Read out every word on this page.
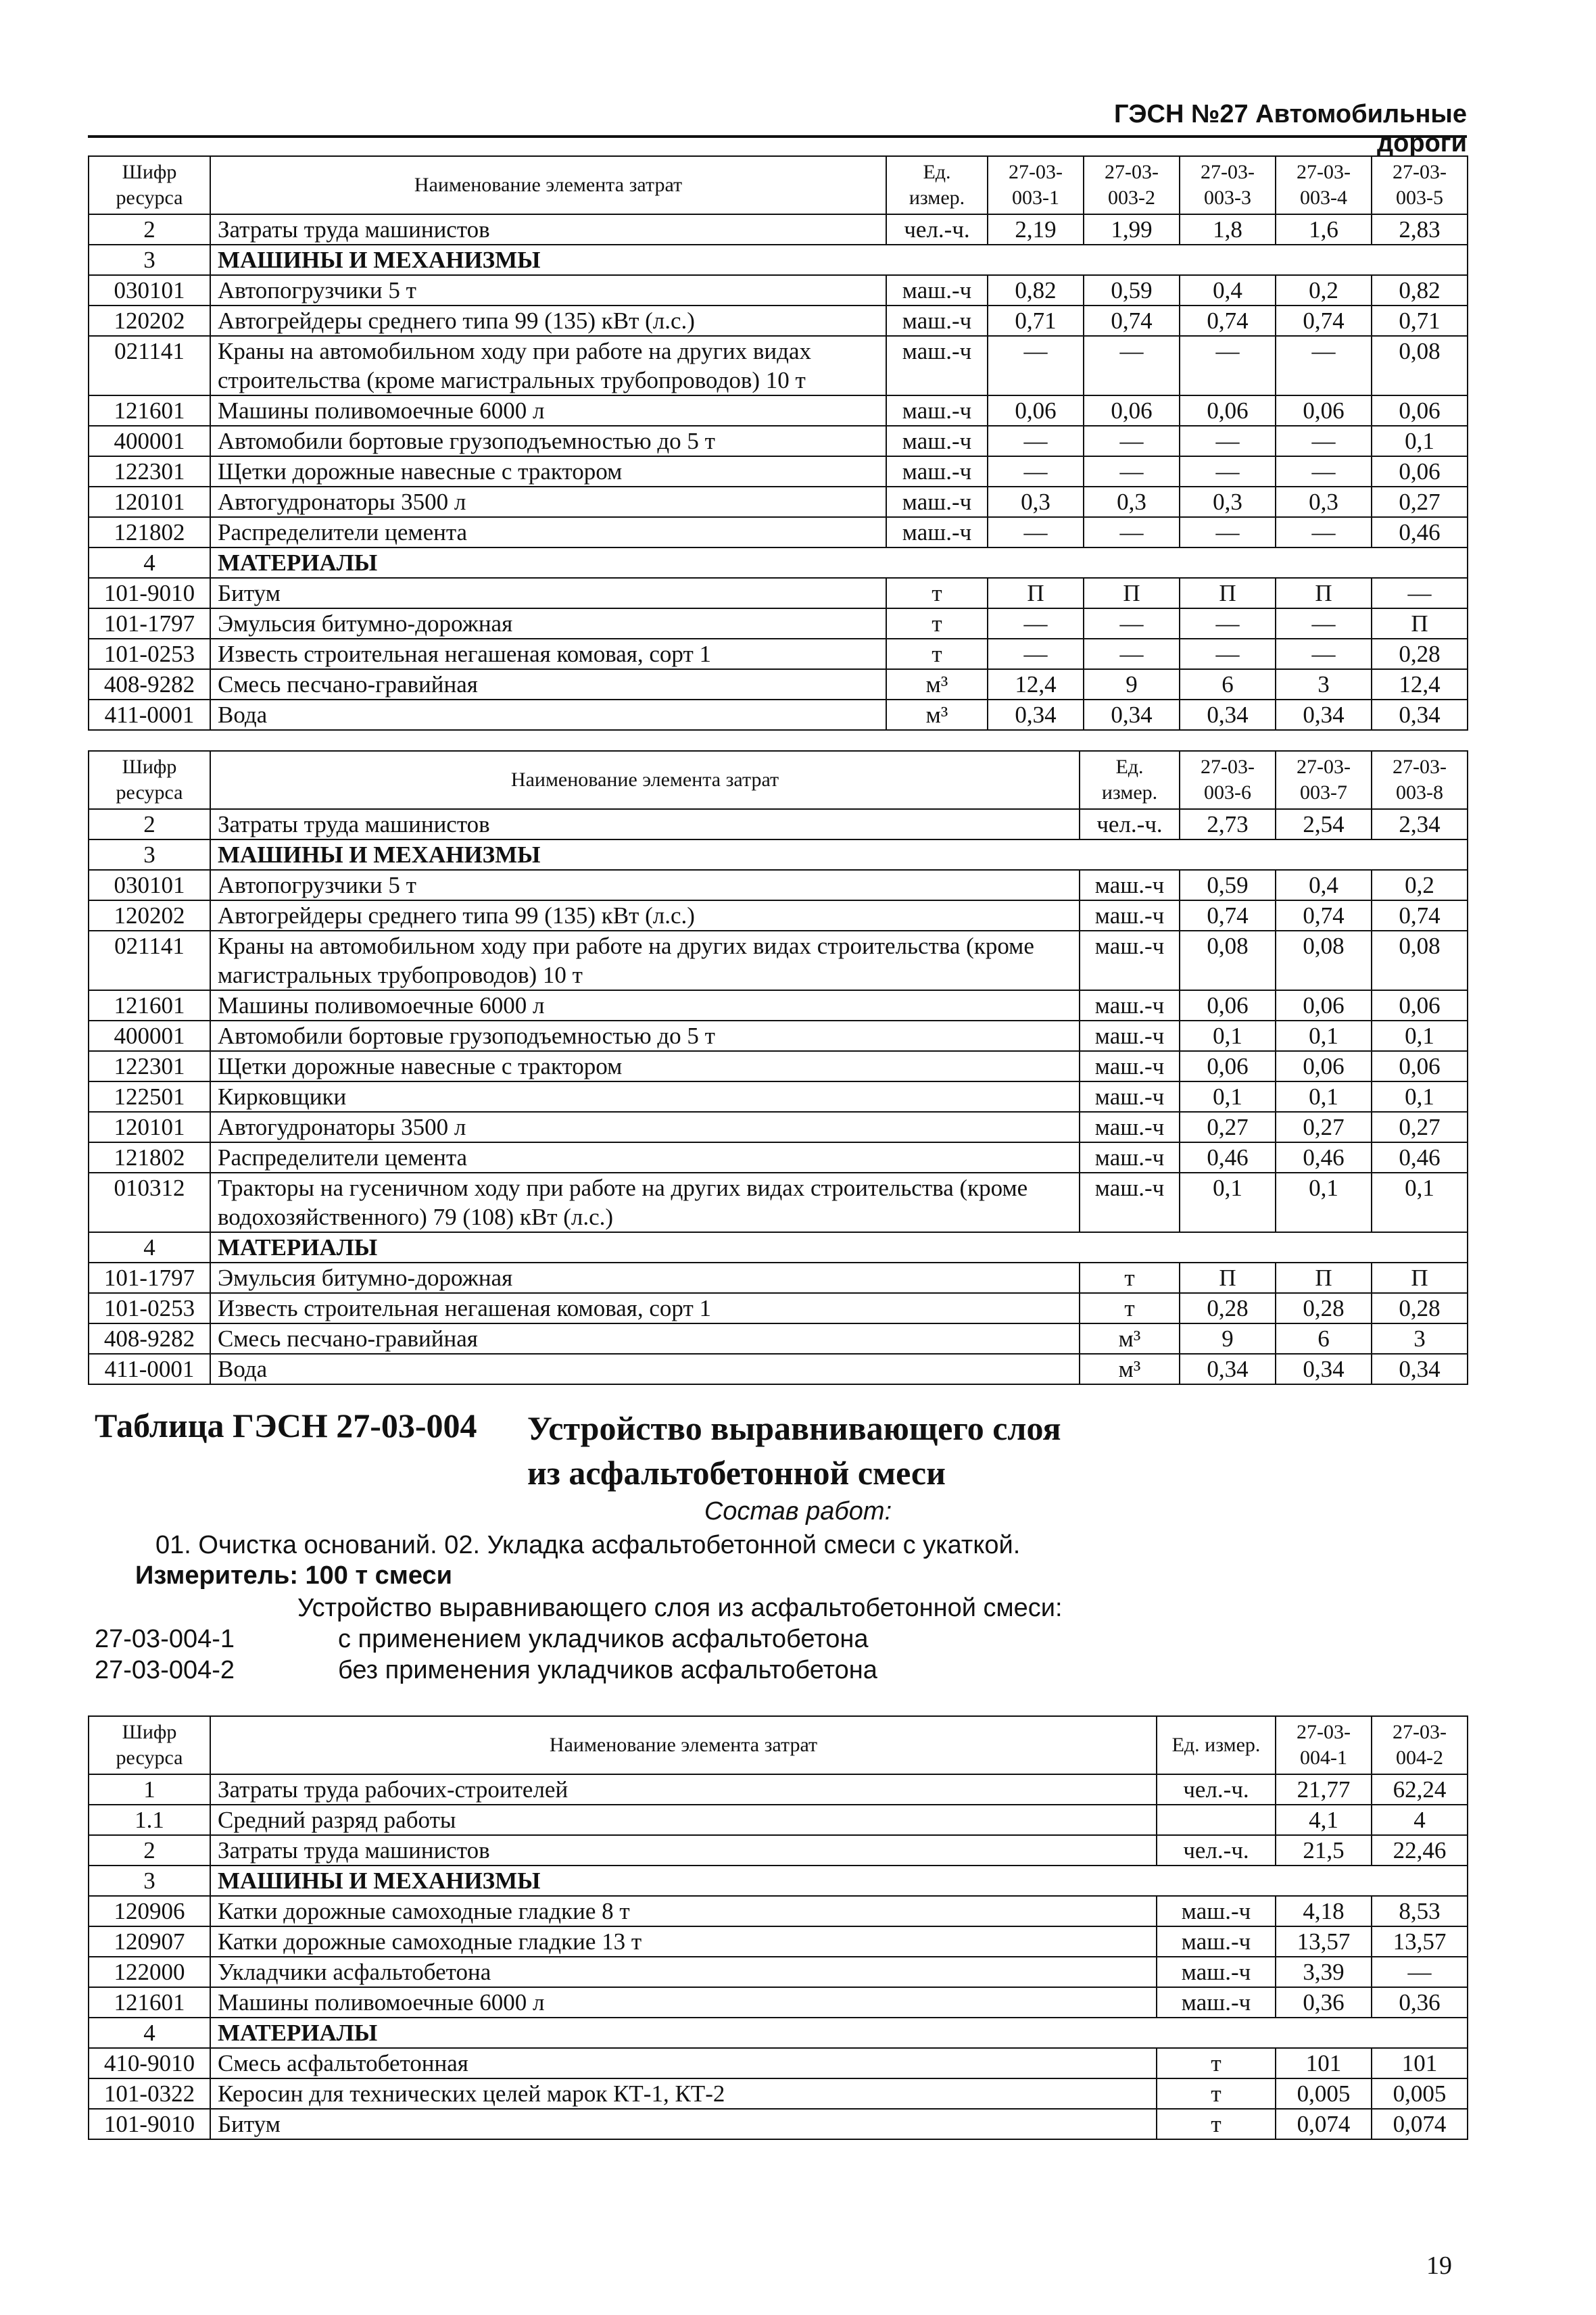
ГЭСН №27 Автомобильные дороги
Шифр ресурса	Наименование элемента затрат	Ед. измер.	27-03-003-1	27-03-003-2	27-03-003-3	27-03-003-4	27-03-003-5
2	Затраты труда машинистов	чел.-ч.	2,19	1,99	1,8	1,6	2,83
3	МАШИНЫ И МЕХАНИЗМЫ						
030101	Автопогрузчики 5 т	маш.-ч	0,82	0,59	0,4	0,2	0,82
120202	Автогрейдеры среднего типа 99 (135) кВт (л.с.)	маш.-ч	0,71	0,74	0,74	0,74	0,71
021141	Краны на автомобильном ходу при работе на других видах строительства (кроме магистральных трубопроводов) 10 т	маш.-ч	—	—	—	—	0,08
121601	Машины поливомоечные 6000 л	маш.-ч	0,06	0,06	0,06	0,06	0,06
400001	Автомобили бортовые грузоподъемностью до 5 т	маш.-ч	—	—	—	—	0,1
122301	Щетки дорожные навесные с трактором	маш.-ч	—	—	—	—	0,06
120101	Автогудронаторы 3500 л	маш.-ч	0,3	0,3	0,3	0,3	0,27
121802	Распределители цемента	маш.-ч	—	—	—	—	0,46
4	МАТЕРИАЛЫ						
101-9010	Битум	т	П	П	П	П	—
101-1797	Эмульсия битумно-дорожная	т	—	—	—	—	П
101-0253	Известь строительная негашеная комовая, сорт 1	т	—	—	—	—	0,28
408-9282	Смесь песчано-гравийная	м³	12,4	9	6	3	12,4
411-0001	Вода	м³	0,34	0,34	0,34	0,34	0,34
Шифр ресурса	Наименование элемента затрат	Ед. измер.	27-03-003-6	27-03-003-7	27-03-003-8
2	Затраты труда машинистов	чел.-ч.	2,73	2,54	2,34
3	МАШИНЫ И МЕХАНИЗМЫ				
030101	Автопогрузчики 5 т	маш.-ч	0,59	0,4	0,2
120202	Автогрейдеры среднего типа 99 (135) кВт (л.с.)	маш.-ч	0,74	0,74	0,74
021141	Краны на автомобильном ходу при работе на других видах строительства (кроме магистральных трубопроводов) 10 т	маш.-ч	0,08	0,08	0,08
121601	Машины поливомоечные 6000 л	маш.-ч	0,06	0,06	0,06
400001	Автомобили бортовые грузоподъемностью до 5 т	маш.-ч	0,1	0,1	0,1
122301	Щетки дорожные навесные с трактором	маш.-ч	0,06	0,06	0,06
122501	Кирковщики	маш.-ч	0,1	0,1	0,1
120101	Автогудронаторы 3500 л	маш.-ч	0,27	0,27	0,27
121802	Распределители цемента	маш.-ч	0,46	0,46	0,46
010312	Тракторы на гусеничном ходу при работе на других видах строительства (кроме водохозяйственного) 79 (108) кВт (л.с.)	маш.-ч	0,1	0,1	0,1
4	МАТЕРИАЛЫ				
101-1797	Эмульсия битумно-дорожная	т	П	П	П
101-0253	Известь строительная негашеная комовая, сорт 1	т	0,28	0,28	0,28
408-9282	Смесь песчано-гравийная	м³	9	6	3
411-0001	Вода	м³	0,34	0,34	0,34
Таблица ГЭСН 27-03-004 Устройство выравнивающего слоя
из асфальтобетонной смеси
Состав работ:
01. Очистка оснований. 02. Укладка асфальтобетонной смеси с укаткой.
Измеритель: 100 т смеси
Устройство выравнивающего слоя из асфальтобетонной смеси:
27-03-004-1	с применением укладчиков асфальтобетона
27-03-004-2	без применения укладчиков асфальтобетона
Шифр ресурса	Наименование элемента затрат	Ед. измер.	27-03-004-1	27-03-004-2
1	Затраты труда рабочих-строителей	чел.-ч.	21,77	62,24
1.1	Средний разряд работы		4,1	4
2	Затраты труда машинистов	чел.-ч.	21,5	22,46
3	МАШИНЫ И МЕХАНИЗМЫ			
120906	Катки дорожные самоходные гладкие 8 т	маш.-ч	4,18	8,53
120907	Катки дорожные самоходные гладкие 13 т	маш.-ч	13,57	13,57
122000	Укладчики асфальтобетона	маш.-ч	3,39	—
121601	Машины поливомоечные 6000 л	маш.-ч	0,36	0,36
4	МАТЕРИАЛЫ			
410-9010	Смесь асфальтобетонная	т	101	101
101-0322	Керосин для технических целей марок КТ-1, КТ-2	т	0,005	0,005
101-9010	Битум	т	0,074	0,074
19
